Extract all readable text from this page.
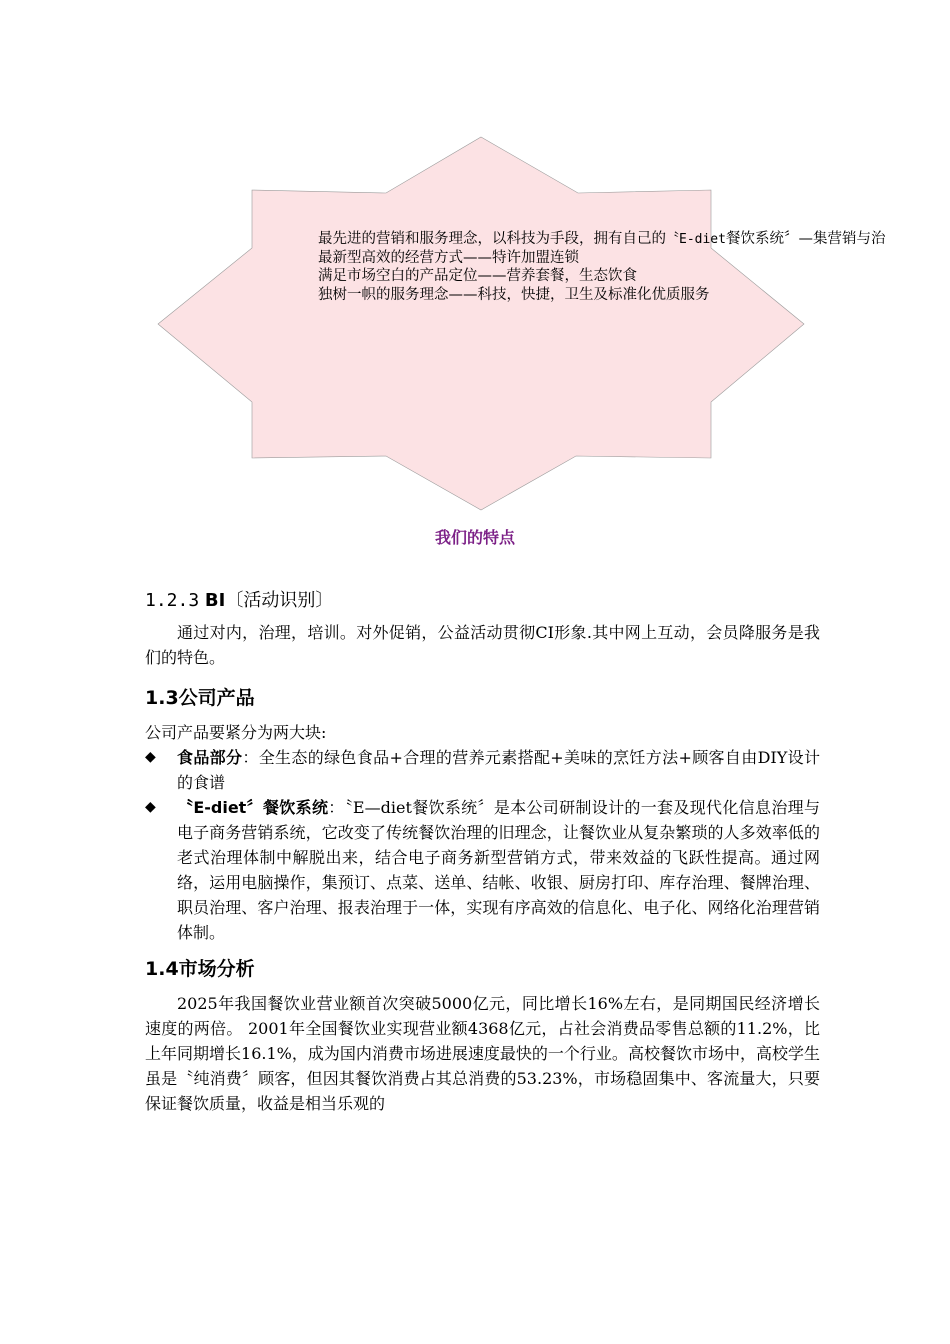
最先进的营销和服务理念，以科技为手段，拥有自己的〝E-diet餐饮系统〞—集营销与治
最新型高效的经营方式——特许加盟连锁
满足市场空白的产品定位——营养套餐，生态饮食
独树一帜的服务理念——科技，快捷，卫生及标准化优质服务
我们的特点
1.2.3 BI〔活动识别〕

通过对内，治理，培训。对外促销，公益活动贯彻CI形象.其中网上互动，会员降服务是我们的特色。

1.3公司产品

公司产品要紧分为两大块:

◆	食品部分：全生态的绿色食品+合理的营养元素搭配+美味的烹饪方法+顾客自由DIY设计的食谱
◆	〝E-diet〞餐饮系统：〝E—diet餐饮系统〞是本公司研制设计的一套及现代化信息治理与电子商务营销系统，它改变了传统餐饮治理的旧理念，让餐饮业从复杂繁琐的人多效率低的老式治理体制中解脱出来，结合电子商务新型营销方式，带来效益的飞跃性提高。通过网络，运用电脑操作，集预订、点菜、送单、结帐、收银、厨房打印、库存治理、餐牌治理、职员治理、客户治理、报表治理于一体，实现有序高效的信息化、电子化、网络化治理营销体制。
1.4市场分析

2025年我国餐饮业营业额首次突破5000亿元，同比增长16%左右，是同期国民经济增长速度的两倍。 2001年全国餐饮业实现营业额4368亿元，占社会消费品零售总额的11.2%，比上年同期增长16.1%，成为国内消费市场进展速度最快的一个行业。高校餐饮市场中，高校学生虽是〝纯消费〞顾客，但因其餐饮消费占其总消费的53.23%，市场稳固集中、客流量大，只要保证餐饮质量，收益是相当乐观的
